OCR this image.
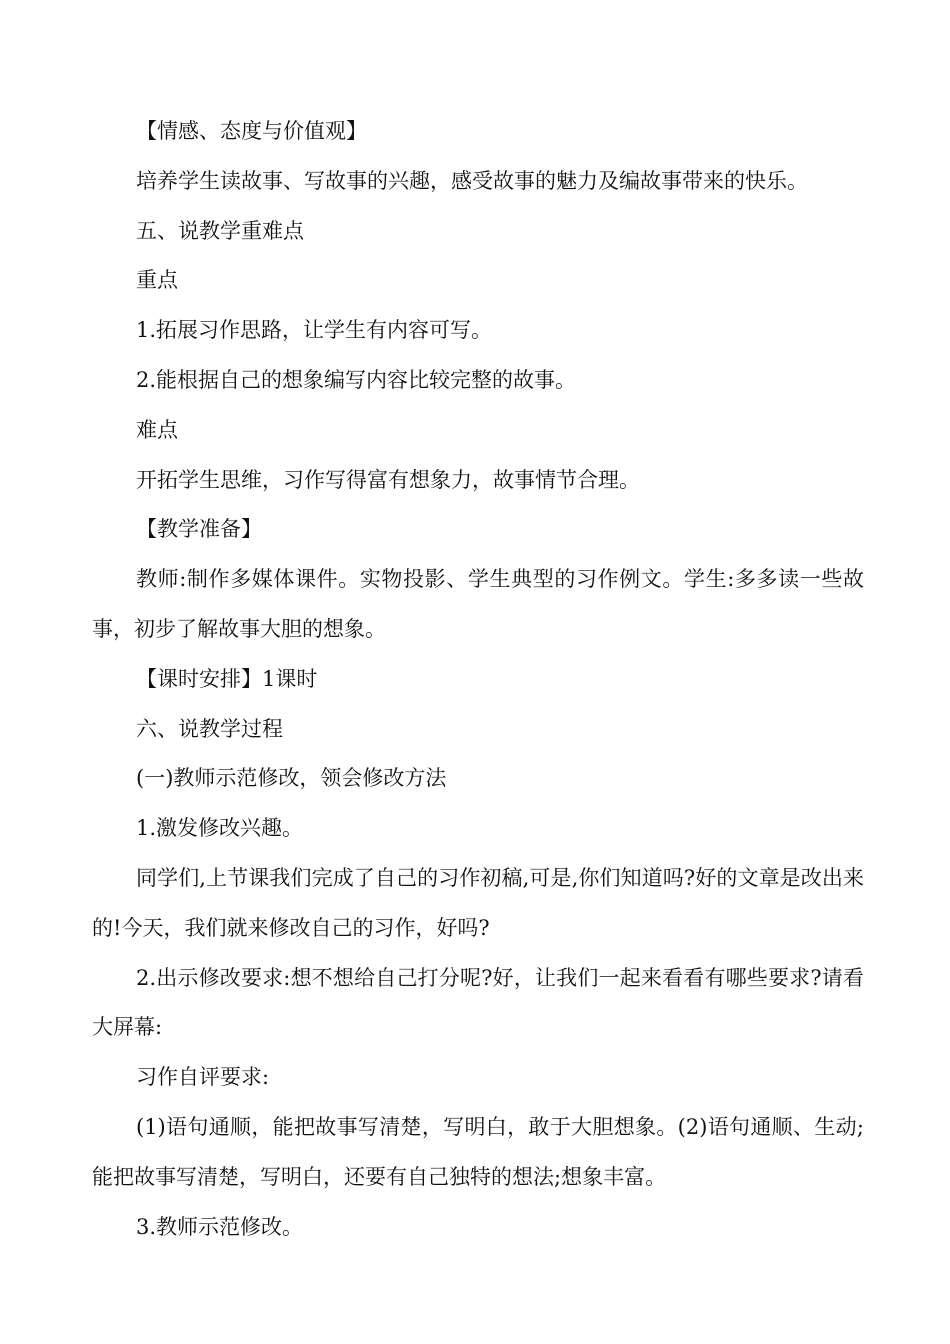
【情感、态度与价值观】

培养学生读故事、写故事的兴趣，感受故事的魅力及编故事带来的快乐。

五、说教学重难点

重点

1.拓展习作思路，让学生有内容可写。

2.能根据自己的想象编写内容比较完整的故事。

难点

开拓学生思维，习作写得富有想象力，故事情节合理。

【教学准备】

教师:制作多媒体课件。实物投影、学生典型的习作例文。学生:多多读一些故事，初步了解故事大胆的想象。

【课时安排】1课时

六、说教学过程

(一)教师示范修改，领会修改方法

1.激发修改兴趣。

同学们,上节课我们完成了自己的习作初稿,可是,你们知道吗?好的文章是改出来的!今天，我们就来修改自己的习作，好吗?

2.出示修改要求:想不想给自己打分呢?好，让我们一起来看看有哪些要求?请看大屏幕:

习作自评要求:

(1)语句通顺，能把故事写清楚，写明白，敢于大胆想象。(2)语句通顺、生动;能把故事写清楚，写明白，还要有自己独特的想法;想象丰富。

3.教师示范修改。
